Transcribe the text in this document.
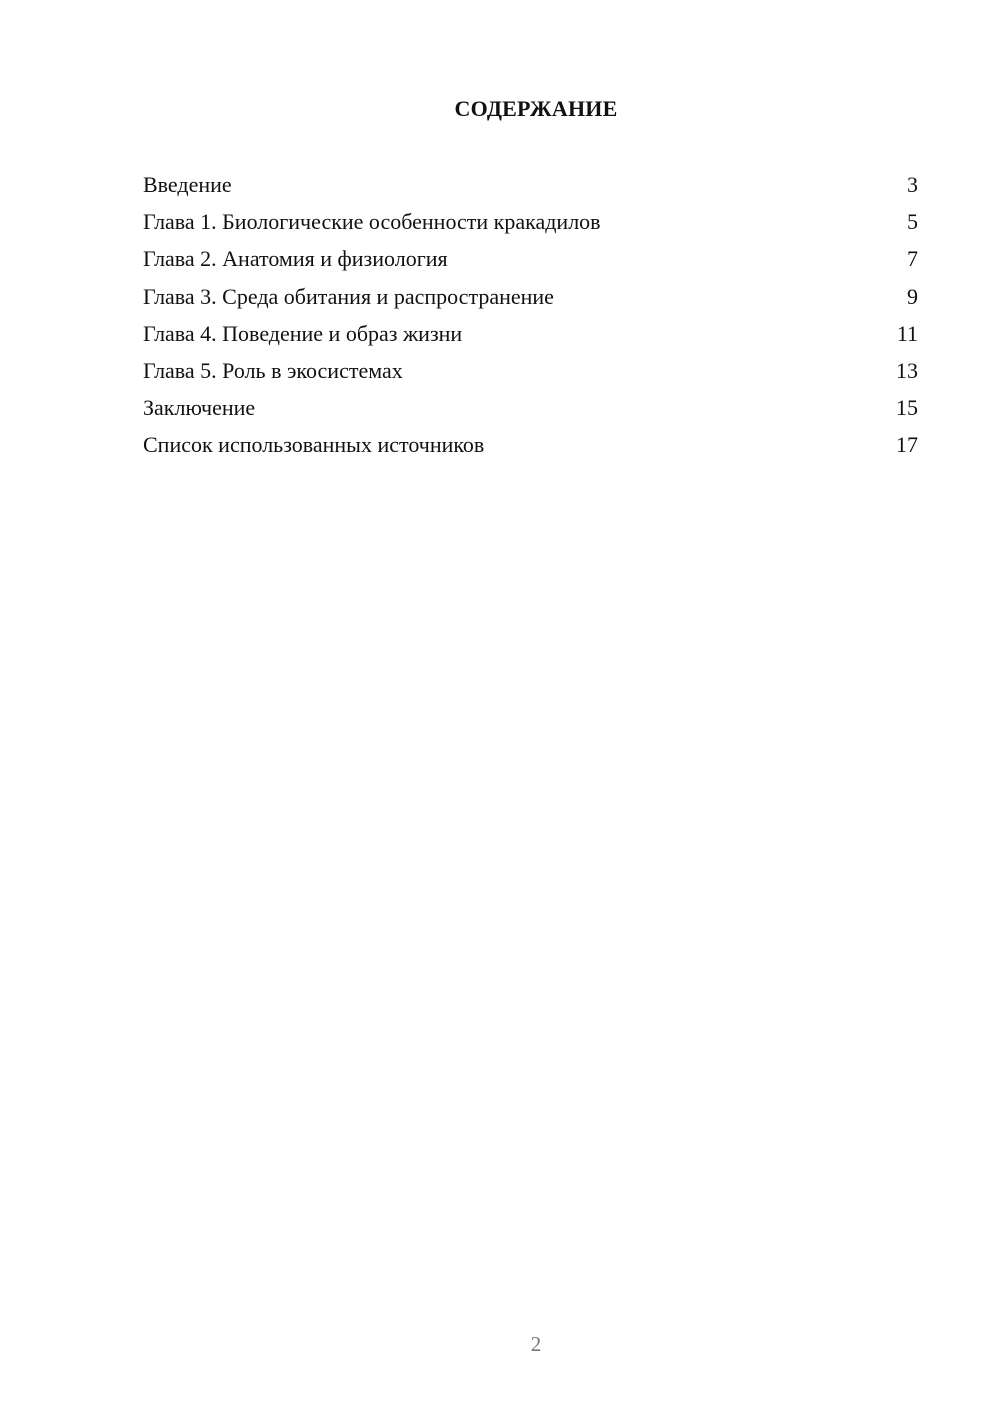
СОДЕРЖАНИЕ
Введение	3
Глава 1. Биологические особенности кракадилов	5
Глава 2. Анатомия и физиология	7
Глава 3. Среда обитания и распространение	9
Глава 4. Поведение и образ жизни	11
Глава 5. Роль в экосистемах	13
Заключение	15
Список использованных источников	17
2
